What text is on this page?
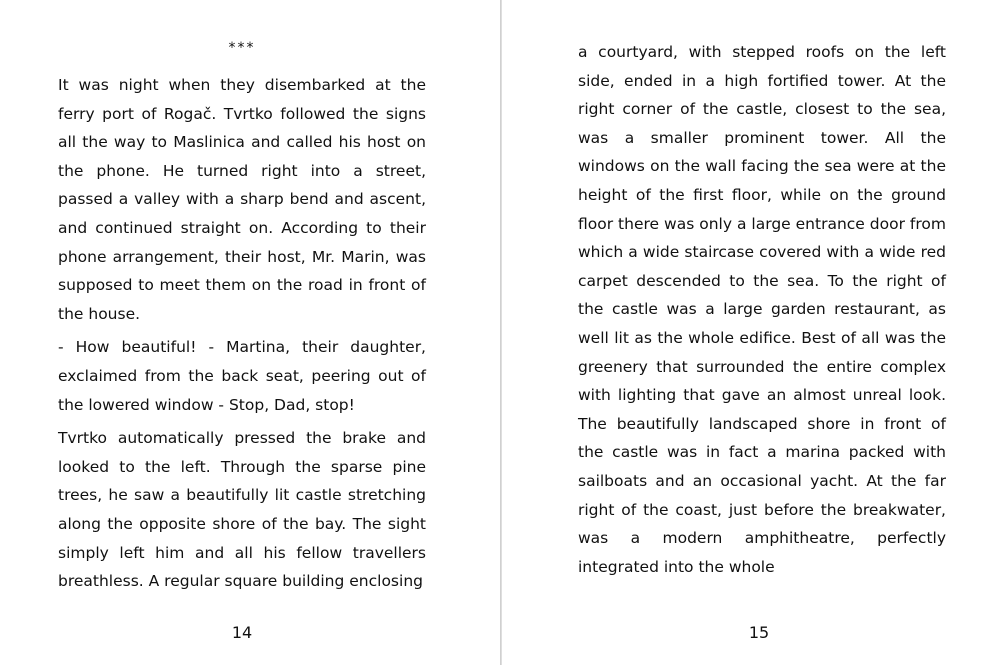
***

It was night when they disembarked at the ferry port of Rogač. Tvrtko followed the signs all the way to Maslinica and called his host on the phone. He turned right into a street, passed a valley with a sharp bend and ascent, and continued straight on. According to their phone arrangement, their host, Mr. Marin, was supposed to meet them on the road in front of the house.

- How beautiful! - Martina, their daughter, exclaimed from the back seat, peering out of the lowered window - Stop, Dad, stop!

Tvrtko automatically pressed the brake and looked to the left. Through the sparse pine trees, he saw a beautifully lit castle stretching along the opposite shore of the bay. The sight simply left him and all his fellow travellers breathless. A regular square building enclosing

14

a courtyard, with stepped roofs on the left side, ended in a high fortified tower. At the right corner of the castle, closest to the sea, was a smaller prominent tower. All the windows on the wall facing the sea were at the height of the first floor, while on the ground floor there was only a large entrance door from which a wide staircase covered with a wide red carpet descended to the sea. To the right of the castle was a large garden restaurant, as well lit as the whole edifice. Best of all was the greenery that surrounded the entire complex with lighting that gave an almost unreal look. The beautifully landscaped shore in front of the castle was in fact a marina packed with sailboats and an occasional yacht. At the far right of the coast, just before the breakwater, was a modern amphitheatre, perfectly integrated into the whole

15
